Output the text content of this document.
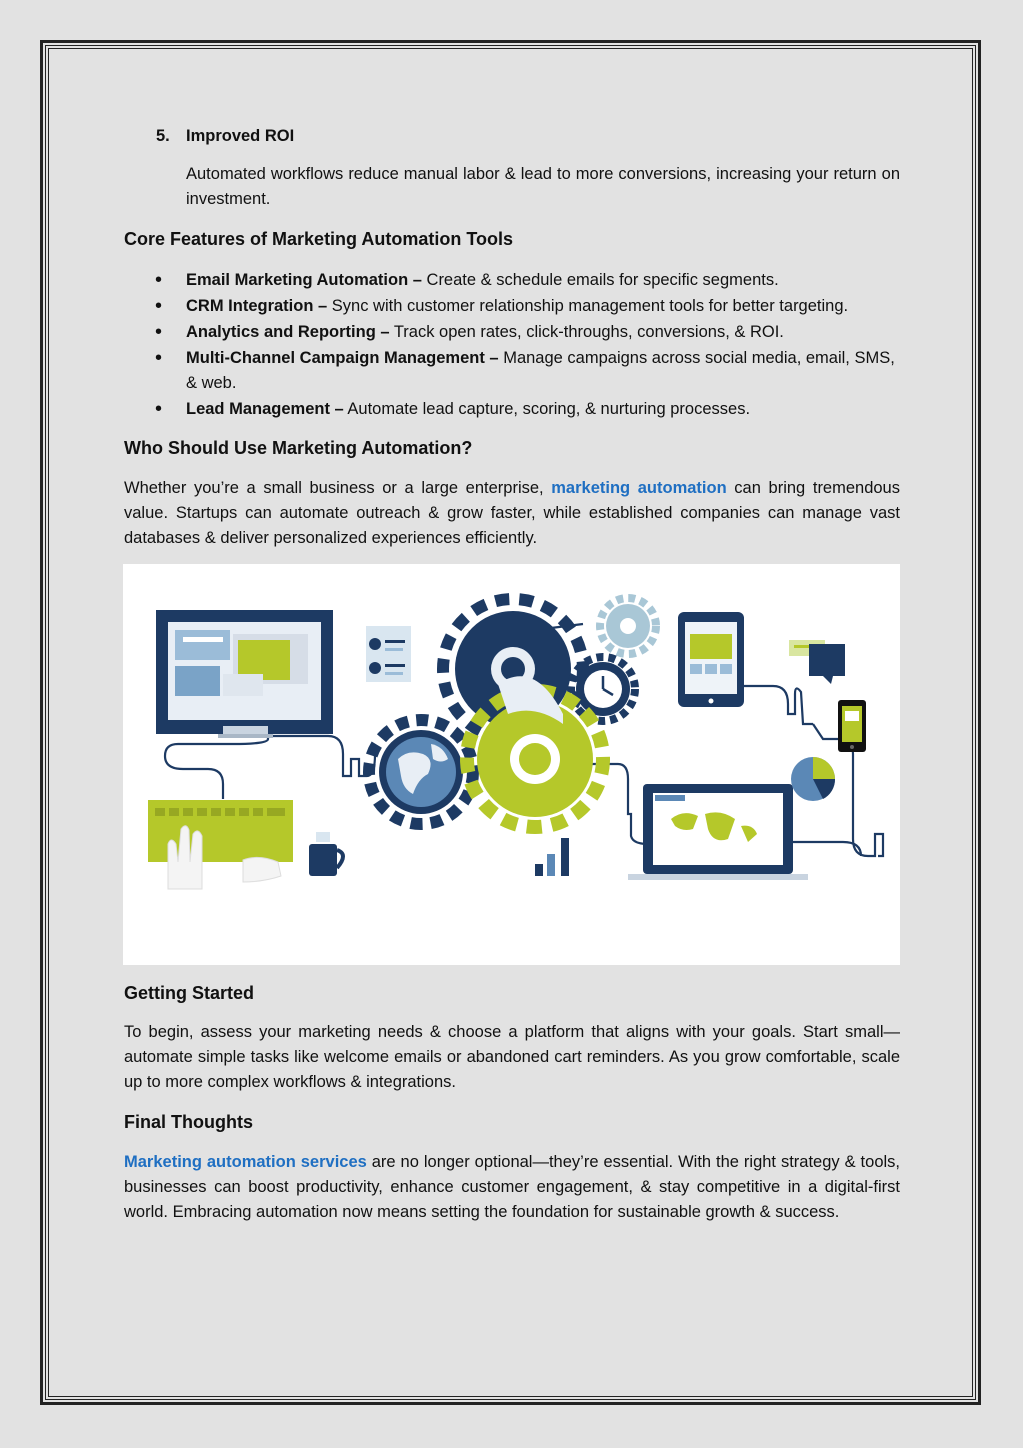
5. Improved ROI
Automated workflows reduce manual labor & lead to more conversions, increasing your return on investment.
Core Features of Marketing Automation Tools
• Email Marketing Automation – Create & schedule emails for specific segments.
• CRM Integration – Sync with customer relationship management tools for better targeting.
• Analytics and Reporting – Track open rates, click-throughs, conversions, & ROI.
• Multi-Channel Campaign Management – Manage campaigns across social media, email, SMS, & web.
• Lead Management – Automate lead capture, scoring, & nurturing processes.
Who Should Use Marketing Automation?
Whether you’re a small business or a large enterprise, marketing automation can bring tremendous value. Startups can automate outreach & grow faster, while established companies can manage vast databases & deliver personalized experiences efficiently.
Getting Started
To begin, assess your marketing needs & choose a platform that aligns with your goals. Start small—automate simple tasks like welcome emails or abandoned cart reminders. As you grow comfortable, scale up to more complex workflows & integrations.
Final Thoughts
Marketing automation services are no longer optional—they’re essential. With the right strategy & tools, businesses can boost productivity, enhance customer engagement, & stay competitive in a digital-first world. Embracing automation now means setting the foundation for sustainable growth & success.
